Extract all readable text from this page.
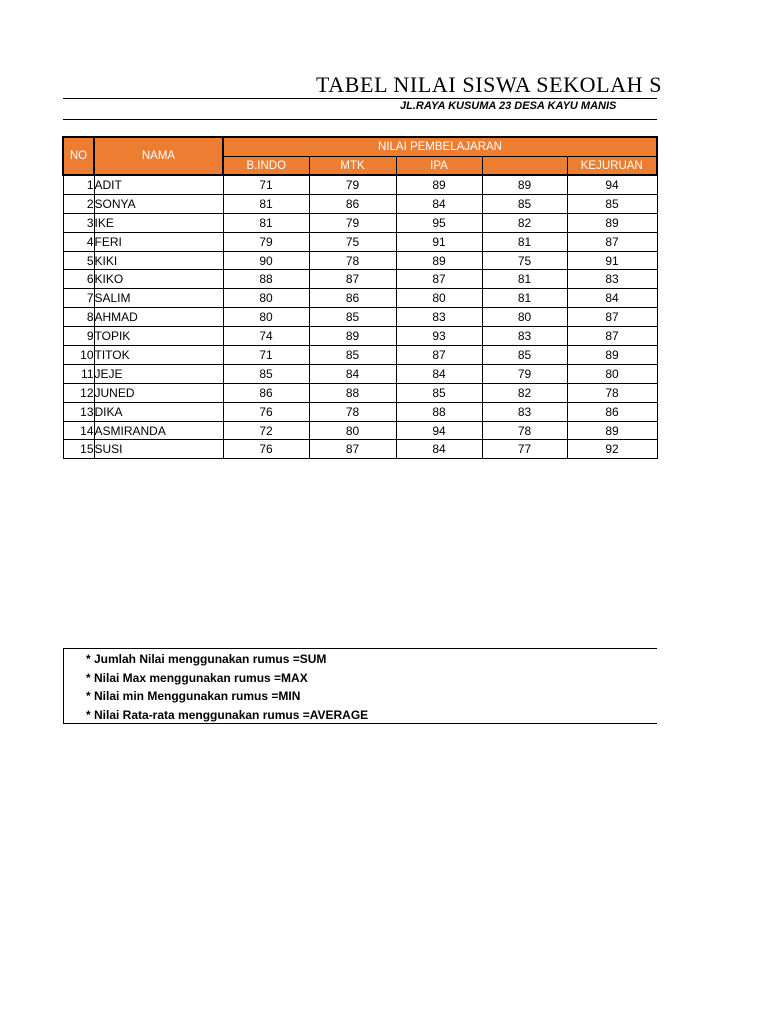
TABEL NILAI SISWA SEKOLAH S
JL.RAYA KUSUMA 23 DESA KAYU MANIS
NO	NAMA	NILAI PEMBELAJARAN				
		B.INDO	MTK	IPA		KEJURUAN
1	ADIT	71	79	89	89	94
2	SONYA	81	86	84	85	85
3	IKE	81	79	95	82	89
4	FERI	79	75	91	81	87
5	KIKI	90	78	89	75	91
6	KIKO	88	87	87	81	83
7	SALIM	80	86	80	81	84
8	AHMAD	80	85	83	80	87
9	TOPIK	74	89	93	83	87
10	TITOK	71	85	87	85	89
11	JEJE	85	84	84	79	80
12	JUNED	86	88	85	82	78
13	DIKA	76	78	88	83	86
14	ASMIRANDA	72	80	94	78	89
15	SUSI	76	87	84	77	92
* Jumlah Nilai menggunakan rumus =SUM
* Nilai Max menggunakan rumus =MAX
* Nilai min Menggunakan rumus =MIN
* Nilai Rata-rata menggunakan rumus =AVERAGE
